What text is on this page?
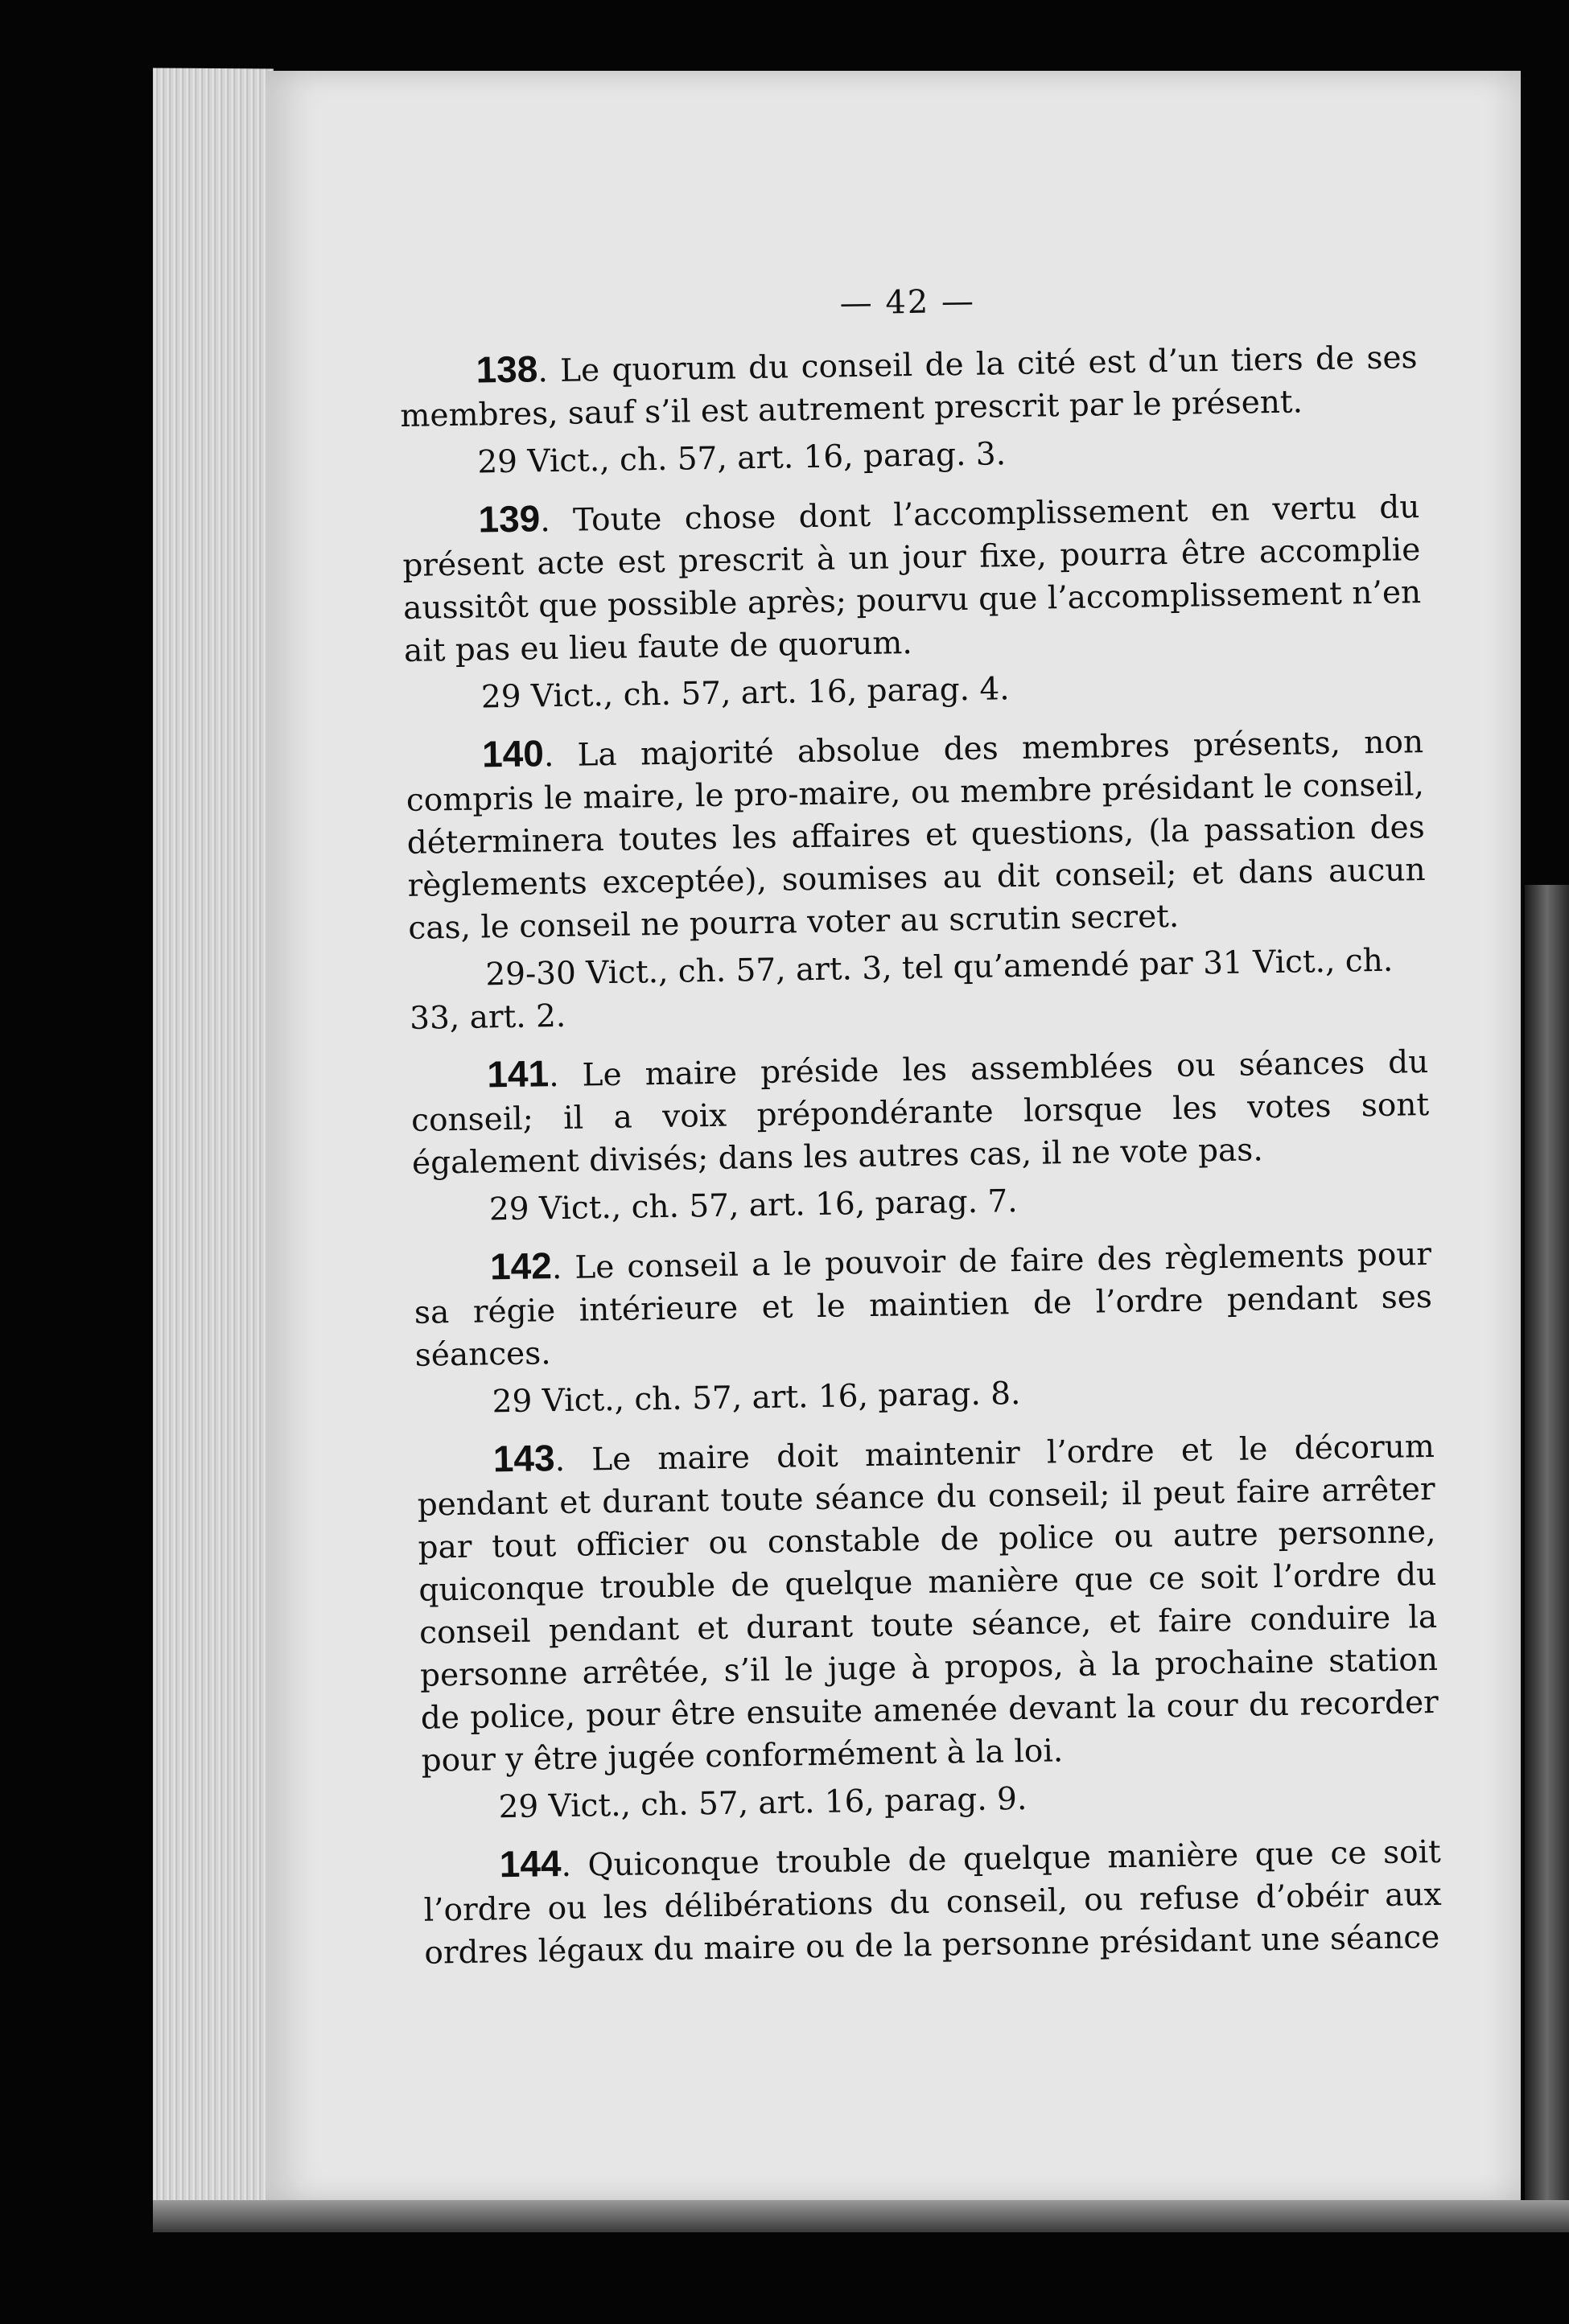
— 42 —

138. Le quorum du conseil de la cité est d’un tiers de ses membres, sauf s’il est autrement prescrit par le présent.

29 Vict., ch. 57, art. 16, parag. 3.

139. Toute chose dont l’accomplissement en vertu du présent acte est prescrit à un jour fixe, pourra être accomplie aussitôt que possible après; pourvu que l’accomplissement n’en ait pas eu lieu faute de quorum.

29 Vict., ch. 57, art. 16, parag. 4.

140. La majorité absolue des membres présents, non compris le maire, le pro-maire, ou membre présidant le conseil, déterminera toutes les affaires et questions, (la passation des règlements exceptée), soumises au dit conseil; et dans aucun cas, le conseil ne pourra voter au scrutin secret.

29-30 Vict., ch. 57, art. 3, tel qu’amendé par 31 Vict., ch. 33, art. 2.

141. Le maire préside les assemblées ou séances du conseil; il a voix prépondérante lorsque les votes sont également divisés; dans les autres cas, il ne vote pas.

29 Vict., ch. 57, art. 16, parag. 7.

142. Le conseil a le pouvoir de faire des règlements pour sa régie intérieure et le maintien de l’ordre pendant ses séances.

29 Vict., ch. 57, art. 16, parag. 8.

143. Le maire doit maintenir l’ordre et le décorum pendant et durant toute séance du conseil; il peut faire arrêter par tout officier ou constable de police ou autre personne, quiconque trouble de quelque manière que ce soit l’ordre du conseil pendant et durant toute séance, et faire conduire la personne arrêtée, s’il le juge à propos, à la prochaine station de police, pour être ensuite amenée devant la cour du recorder pour y être jugée conformément à la loi.

29 Vict., ch. 57, art. 16, parag. 9.

144. Quiconque trouble de quelque manière que ce soit l’ordre ou les délibérations du conseil, ou refuse d’obéir aux ordres légaux du maire ou de la personne présidant une séance
